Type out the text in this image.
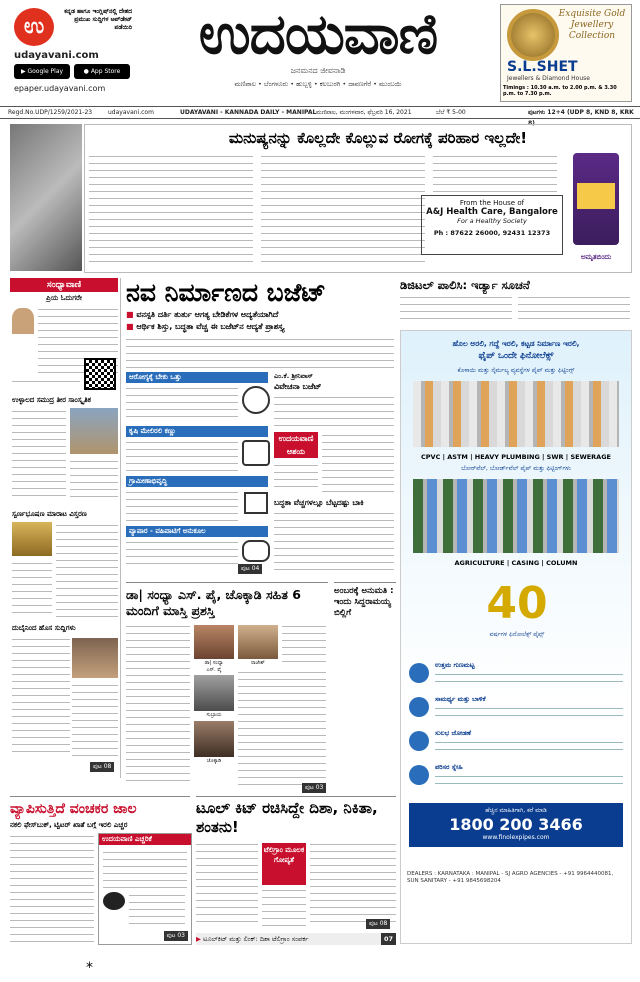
ಉ
ಕನ್ನಡ ಹಾಗೂ ಇಂಗ್ಲಿಷ್‌ನಲ್ಲಿ ದೇಶದ ಪ್ರಮುಖ ಸುದ್ದಿಗಳ ಅಪ್‌ಡೇಟ್ ಪಡೆಯಿರಿ
udayavani.com
▶ Google Play	● App Store
epaper.udayavani.com
ಉದಯವಾಣಿ
ಜನಮನದ ಜೀವನಾಡಿ
ಮಣಿಪಾಲ • ಬೆಂಗಳೂರು • ಹುಬ್ಬಳ್ಳಿ • ಕಲಬುರಗಿ • ದಾವಣಗೆರೆ • ಮುಂಬಯಿ
Exquisite Gold Jewellery Collection
S.L.SHET
Jewellers & Diamond House
Timings : 10.30 a.m. to 2.00 p.m. & 3.30 p.m. to 7.30 p.m.
Regd.No.UDP/1259/2021-23	udayavani.com	UDAYAVANI - KANNADA DAILY - MANIPAL ಮಣಿಪಾಲ, ಮಂಗಳವಾರ, ಫೆಬ್ರವರಿ 16, 2021	ಬೆಲೆ ₹ 5-00	ಪುಟಗಳು 12+4 (UDP 8, KND 8, KRK 8)
ಮನುಷ್ಯನನ್ನು ಕೊಲ್ಲದೇ ಕೊಲ್ಲುವ ರೋಗಕ್ಕೆ ಪರಿಹಾರ ಇಲ್ಲದೇ!
From the House of
A&J Health Care, Bangalore
For a Healthy Society
Ph : 87622 26000, 92431 12373
ಅಮೃತಬಿಂದು
ಸಂಧ್ಯಾವಾಣಿ
ಪ್ರಿಯ ಓದುಗರೇ
ಉಳ್ಳಾಲದ ಸಮುದ್ರ ತೀರ ಸಾಂಸ್ಕೃತಿಕ
ಸ್ವರ್ಣಭೂಷಣ ಮಾರಾಟ ವಿಸ್ತರಣ
ದುಬೈನಿಂದ ಹೊಸ ಸುದ್ದಿಗಳು
ಪುಟ 08
ನವ ನಿರ್ಮಾಣದ ಬಜೆಟ್
■ ವನಸ್ಪತಿ ದರ್ತಿ ತುರ್ತು ಆಗತ್ಯ ಬೇಡಿಕೆಗಳ ಅದ್ಯತೆಯಾಗಿದೆ
■ ಆರ್ಥಿಕ ಶಿಸ್ತು, ಬದ್ಧತಾ ವೆಚ್ಚ ಈ ಬಜೆಟ್‌ನ ಆದ್ಯತೆ ಪ್ರಾಶಸ್ತ್ಯ
ಆರೋಗ್ಯಕ್ಕೆ ಬೇಕು ಒತ್ತು
ಕೃಷಿ ಮೇಲಿರಲಿ ಕಣ್ಣು
ಗ್ರಾಮೀಣಾಭಿವೃದ್ಧಿ
ವ್ಯಾಪಾರ - ವಹಿವಾಟಿಗೆ ಅನುಕೂಲ
ಪುಟ 04
ಎಂ.ಕೆ. ಶ್ರೀನಿವಾಸ್
ವಿವೇಚನಾ ಬಜೆಟ್
ಉದಯವಾಣಿ ಆಶಯ
ಬದ್ಧತಾ ವೆಚ್ಚಗಳಲ್ಲೂ ಬೆಟ್ಟದಷ್ಟು ಬಾಕಿ
ಡಾ| ಸಂಧ್ಯಾ ಎಸ್. ಪೈ, ಚೊಕ್ಕಾಡಿ ಸಹಿತ 6 ಮಂದಿಗೆ ಮಾಸ್ತಿ ಪ್ರಶಸ್ತಿ
ಡಾ| ಸಂಧ್ಯಾ
ಎಸ್. ಪೈ
ಸುಬ್ರಾಯ
ಚೊಕ್ಕಾಡಿ
ರಾಜೇಶ್
ಪುಟ 03
ಅಂಬರಕ್ಕೆ ಅನುಮತಿ : ಇಂದು ಸಿದ್ದರಾಮಯ್ಯ ಬಿಲ್ಲಿಗೆ
ಡಿಜಿಟಲ್ ಪಾಲಿಸಿ: ಇರ್ಡ್ಯಾ ಸೂಚನೆ
ಹೊಲ ಅರಲಿ, ಗದ್ದೆ ಇರಲಿ, ಕಟ್ಟಡ ನಿರ್ಮಾಣ ಇರಲಿ,
ಫೈಪ್ ಒಂದೇ ಫಿನೋಲೆಕ್ಸ್
ಕೊಳಾಯಿ ಮತ್ತು ನೈರ್ಮಲ್ಯ ವ್ಯವಸ್ಥೆಗಳ ಪೈಪ್ ಮತ್ತು ಫಿಟ್ಟಿಂಗ್ಸ್
CPVC | ASTM | HEAVY PLUMBING | SWR | SEWERAGE
ಬೋರ್‌ವೆಲ್, ಬೋರ್ಡ್‌ವೆಲ್ ಪೈಪ್ ಮತ್ತು ಫಿಟ್ಟಿಂಗ್‌ಗಳು
AGRICULTURE | CASING | COLUMN
40
ವರ್ಷಗಳ ಫಿನೋಲೆಕ್ಸ್ ಪೈಪ್ಸ್
ಉತ್ತಮ ಗುಣಮಟ್ಟ
ಸಾಮರ್ಥ್ಯ ಮತ್ತು ಬಾಳಿಕೆ
ಸುಲಭ ಜೋಡಣೆ
ಪರಿಸರ ಸ್ನೇಹಿ
ಹೆಚ್ಚಿನ ಮಾಹಿತಿಗಾಗಿ, ಕರೆ ಮಾಡಿ
1800 200 3466
www.finolexpipes.com
DEALERS : KARNATAKA : MANIPAL - SJ AGRO AGENCIES - +91 9964440081, SUN SANITARY - +91 9845698204
ವ್ಯಾಪಿಸುತ್ತಿದೆ ವಂಚಕರ ಜಾಲ
ನಕಲಿ ಫೇಸ್‌ಬುಕ್, ಟ್ವಿಟರ್ ಖಾತೆ ಬಗ್ಗೆ ಇರಲಿ ಎಚ್ಚರ
ಉದಯವಾಣಿ ಎಚ್ಚರಿಕೆ
ಪುಟ 03
ಟೂಲ್ ಕಿಟ್ ರಚಿಸಿದ್ದೇ ದಿಶಾ, ನಿಕಿತಾ, ಶಂತನು!
ಟೆಲಿಗ್ರಾಂ ಮೂಲಕ ಗೋಪ್ಯತೆ
ಪುಟ 08
▶ ಟೂಲ್‌ಕಿಟ್ ಮತ್ತು ಲಿಂಕ್: ದಿಶಾ ಟೆಲಿಗ್ರಾಂ ಸಂಪರ್ಕ	07
*
